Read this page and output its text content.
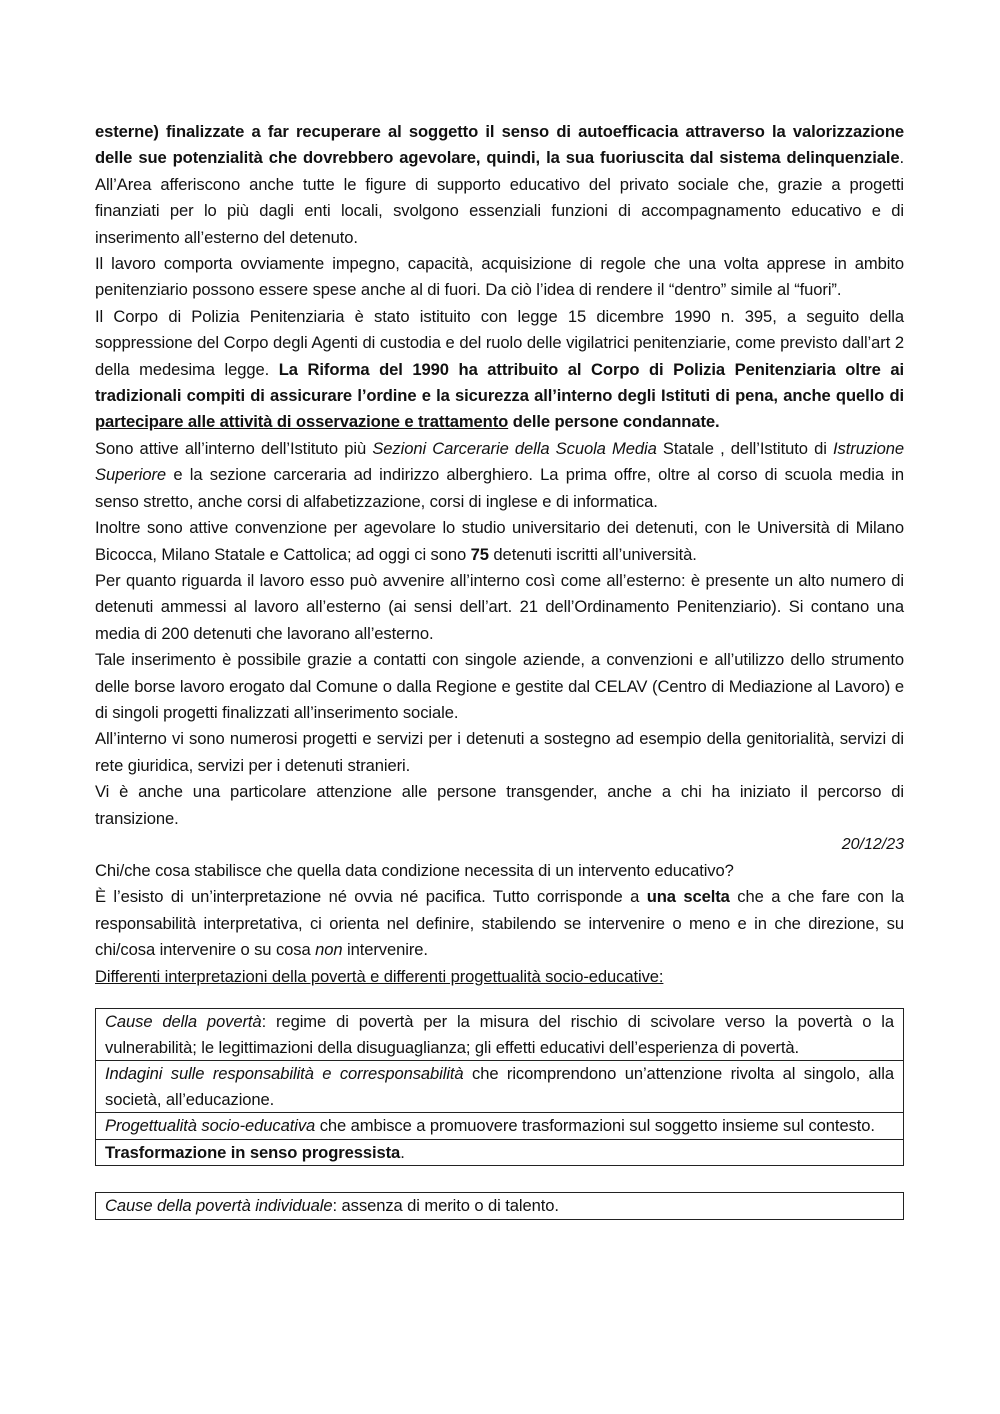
esterne) finalizzate a far recuperare al soggetto il senso di autoefficacia attraverso la valorizzazione delle sue potenzialità che dovrebbero agevolare, quindi, la sua fuoriuscita dal sistema delinquenziale. All’Area afferiscono anche tutte le figure di supporto educativo del privato sociale che, grazie a progetti finanziati per lo più dagli enti locali, svolgono essenziali funzioni di accompagnamento educativo e di inserimento all’esterno del detenuto.

Il lavoro comporta ovviamente impegno, capacità, acquisizione di regole che una volta apprese in ambito penitenziario possono essere spese anche al di fuori. Da ciò l’idea di rendere il “dentro” simile al “fuori”.

Il Corpo di Polizia Penitenziaria è stato istituito con legge 15 dicembre 1990 n. 395, a seguito della soppressione del Corpo degli Agenti di custodia e del ruolo delle vigilatrici penitenziarie, come previsto dall’art 2 della medesima legge. La Riforma del 1990 ha attribuito al Corpo di Polizia Penitenziaria oltre ai tradizionali compiti di assicurare l’ordine e la sicurezza all’interno degli Istituti di pena, anche quello di partecipare alle attività di osservazione e trattamento delle persone condannate.

Sono attive all’interno dell’Istituto più Sezioni Carcerarie della Scuola Media Statale , dell’Istituto di Istruzione Superiore e la sezione carceraria ad indirizzo alberghiero. La prima offre, oltre al corso di scuola media in senso stretto, anche corsi di alfabetizzazione, corsi di inglese e di informatica.

Inoltre sono attive convenzione per agevolare lo studio universitario dei detenuti, con le Università di Milano Bicocca, Milano Statale e Cattolica; ad oggi ci sono 75 detenuti iscritti all’università.

Per quanto riguarda il lavoro esso può avvenire all’interno così come all’esterno: è presente un alto numero di detenuti ammessi al lavoro all’esterno (ai sensi dell’art. 21 dell’Ordinamento Penitenziario). Si contano una media di 200 detenuti che lavorano all’esterno.

Tale inserimento è possibile grazie a contatti con singole aziende, a convenzioni e all’utilizzo dello strumento delle borse lavoro erogato dal Comune o dalla Regione e gestite dal CELAV (Centro di Mediazione al Lavoro) e di singoli progetti finalizzati all’inserimento sociale.

All’interno vi sono numerosi progetti e servizi per i detenuti a sostegno ad esempio della genitorialità, servizi di rete giuridica, servizi per i detenuti stranieri.

Vi è anche una particolare attenzione alle persone transgender, anche a chi ha iniziato il percorso di transizione.

20/12/23

Chi/che cosa stabilisce che quella data condizione necessita di un intervento educativo?

È l’esisto di un’interpretazione né ovvia né pacifica. Tutto corrisponde a una scelta che a che fare con la responsabilità interpretativa, ci orienta nel definire, stabilendo se intervenire o meno e in che direzione, su chi/cosa intervenire o su cosa non intervenire.

Differenti interpretazioni della povertà e differenti progettualità socio-educative:

Cause della povertà: regime di povertà per la misura del rischio di scivolare verso la povertà o la vulnerabilità; le legittimazioni della disuguaglianza; gli effetti educativi dell’esperienza di povertà.
Indagini sulle responsabilità e corresponsabilità che ricomprendono un’attenzione rivolta al singolo, alla società, all’educazione.
Progettualità socio-educativa che ambisce a promuovere trasformazioni sul soggetto insieme sul contesto.
Trasformazione in senso progressista.
Cause della povertà individuale: assenza di merito o di talento.
